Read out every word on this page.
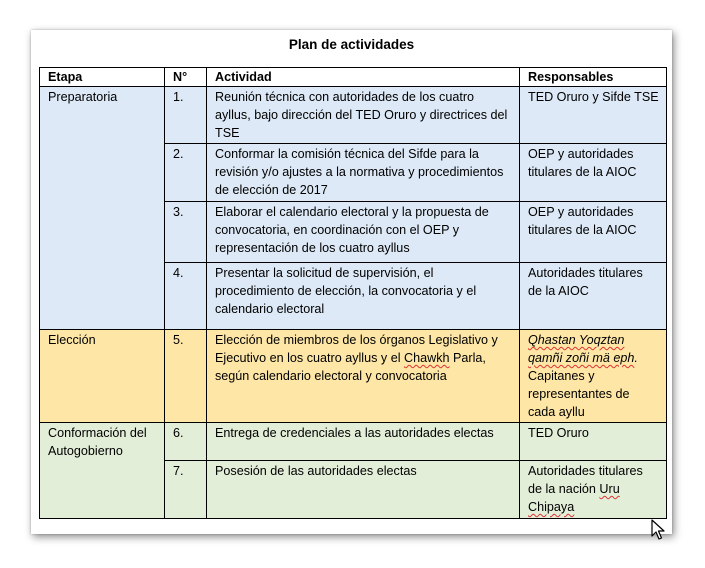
Plan de actividades
Etapa	N°	Actividad	Responsables
Preparatoria	1.	Reunión técnica con autoridades de los cuatro ayllus, bajo dirección del TED Oruro y directrices del TSE	TED Oruro y Sifde TSE
	2.	Conformar la comisión técnica del Sifde para la revisión y/o ajustes a la normativa y procedimientos de elección de 2017	OEP y autoridades titulares de la AIOC
	3.	Elaborar el calendario electoral y la propuesta de convocatoria, en coordinación con el OEP y representación de los cuatro ayllus	OEP y autoridades titulares de la AIOC
	4.	Presentar la solicitud de supervisión, el procedimiento de elección, la convocatoria y el calendario electoral	Autoridades titulares de la AIOC
Elección	5.	Elección de miembros de los órganos Legislativo y Ejecutivo en los cuatro ayllus y el Chawkh Parla, según calendario electoral y convocatoria	Qhastan Yoqztan
qamñi zoñi mä eph.
Capitanes y representantes de cada ayllu
Conformación del Autogobierno	6.	Entrega de credenciales a las autoridades electas	TED Oruro
	7.	Posesión de las autoridades electas	Autoridades titulares de la nación Uru Chipaya
